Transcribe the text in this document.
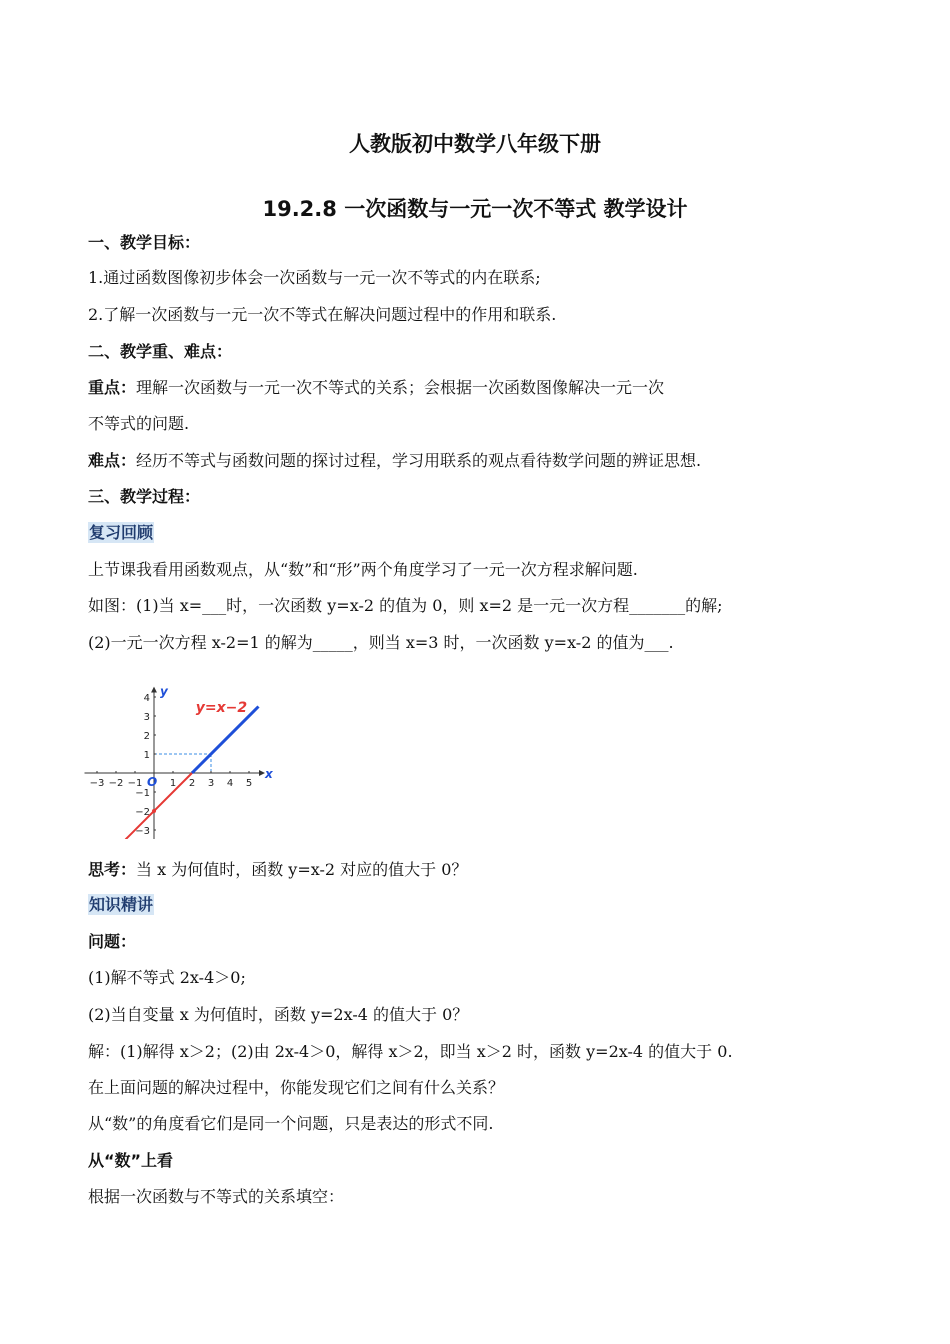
人教版初中数学八年级下册
19.2.8 一次函数与一元一次不等式 教学设计
一、教学目标：
1.通过函数图像初步体会一次函数与一元一次不等式的内在联系;
2.了解一次函数与一元一次不等式在解决问题过程中的作用和联系.
二、教学重、难点：
重点：理解一次函数与一元一次不等式的关系；会根据一次函数图像解决一元一次
不等式的问题.
难点：经历不等式与函数问题的探讨过程，学习用联系的观点看待数学问题的辨证思想.
三、教学过程：
复习回顾
上节课我看用函数观点，从“数”和“形”两个角度学习了一元一次方程求解问题.
如图：(1)当 x=___时，一次函数 y=x-2 的值为 0，则 x=2 是一元一次方程_______的解;
(2)一元一次方程 x-2=1 的解为_____，则当 x=3 时，一次函数 y=x-2 的值为___.
−3 −2 −1	1 2 3 4 5
−3
−2
−1
1
2
3
4
x
y
O
y=x−2
思考：当 x 为何值时，函数 y=x-2 对应的值大于 0？
知识精讲
问题：
(1)解不等式 2x-4＞0;
(2)当自变量 x 为何值时，函数 y=2x-4 的值大于 0？
解：(1)解得 x＞2；(2)由 2x-4＞0，解得 x＞2，即当 x＞2 时，函数 y=2x-4 的值大于 0.
在上面问题的解决过程中，你能发现它们之间有什么关系？
从“数”的角度看它们是同一个问题，只是表达的形式不同.
从“数”上看
根据一次函数与不等式的关系填空：
